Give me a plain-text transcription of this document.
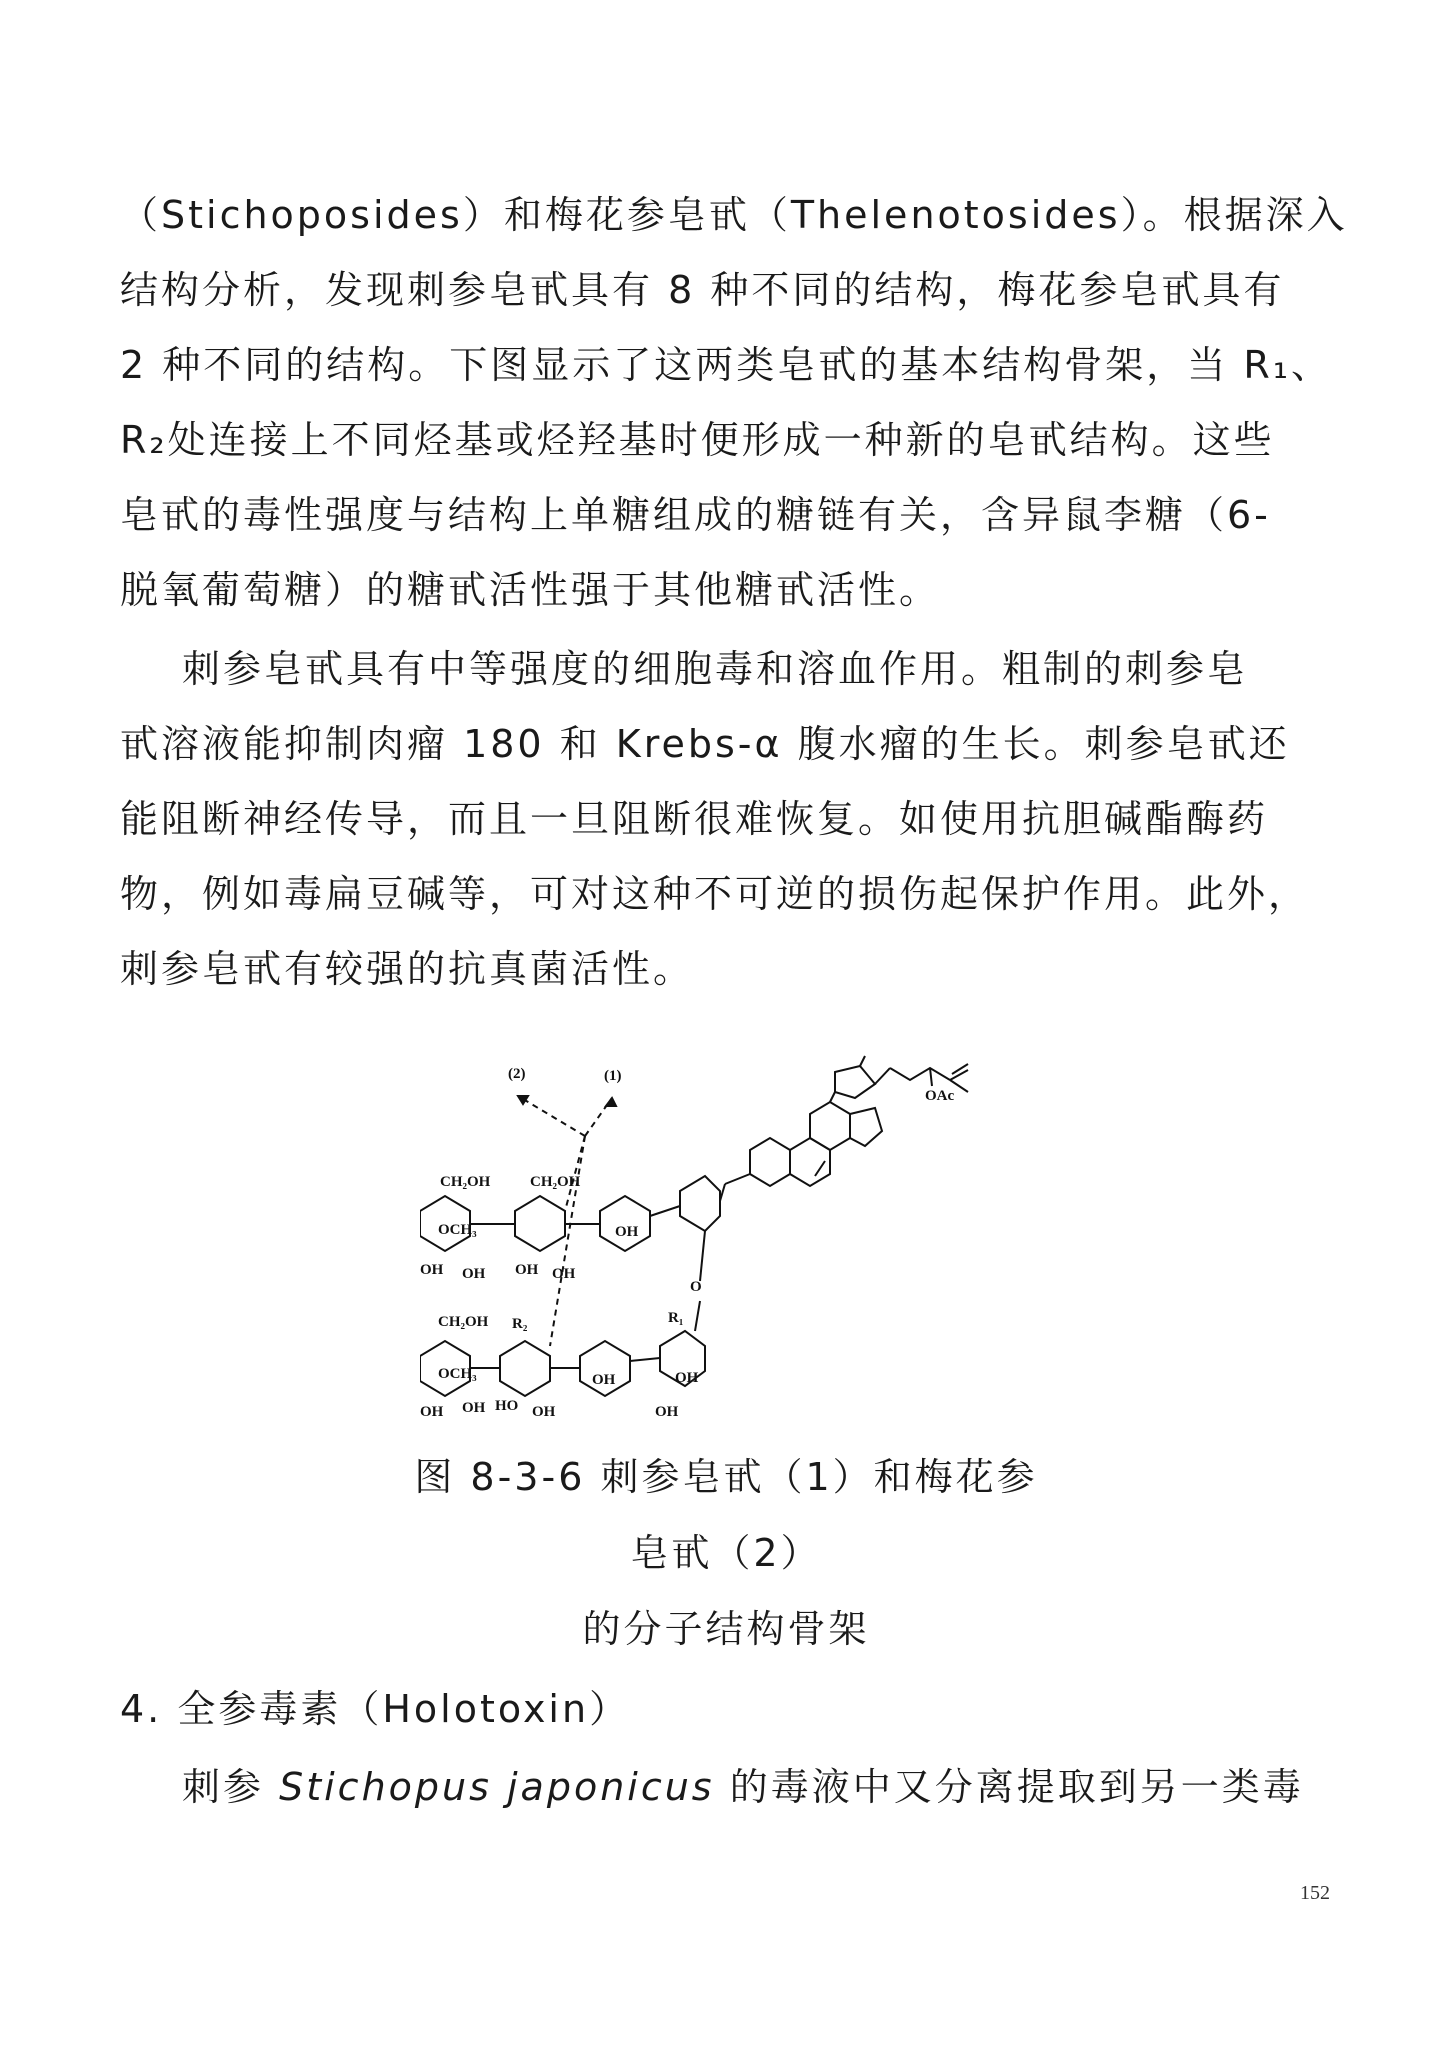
（Stichoposides）和梅花参皂甙（Thelenotosides）。根据深入
结构分析，发现刺参皂甙具有 8 种不同的结构，梅花参皂甙具有
2 种不同的结构。下图显示了这两类皂甙的基本结构骨架，当 R₁、
R₂处连接上不同烃基或烃羟基时便形成一种新的皂甙结构。这些
皂甙的毒性强度与结构上单糖组成的糖链有关，含异鼠李糖（6-
脱氧葡萄糖）的糖甙活性强于其他糖甙活性。
刺参皂甙具有中等强度的细胞毒和溶血作用。粗制的刺参皂
甙溶液能抑制肉瘤 180 和 Krebs-α 腹水瘤的生长。刺参皂甙还
能阻断神经传导，而且一旦阻断很难恢复。如使用抗胆碱酯酶药
物，例如毒扁豆碱等，可对这种不可逆的损伤起保护作用。此外，
刺参皂甙有较强的抗真菌活性。
(2)	(1)
CH₂OH	CH₂OH
OCH₃
OH OH OH OH
OH
CH₂OH R₂	R₁
OCH₃
OH OH HO OH
OH	OH
OH
OAc
O
图 8-3-6 刺参皂甙（1）和梅花参
皂甙（2）
的分子结构骨架
4. 全参毒素（Holotoxin）
刺参 Stichopus japonicus 的毒液中又分离提取到另一类毒
152
